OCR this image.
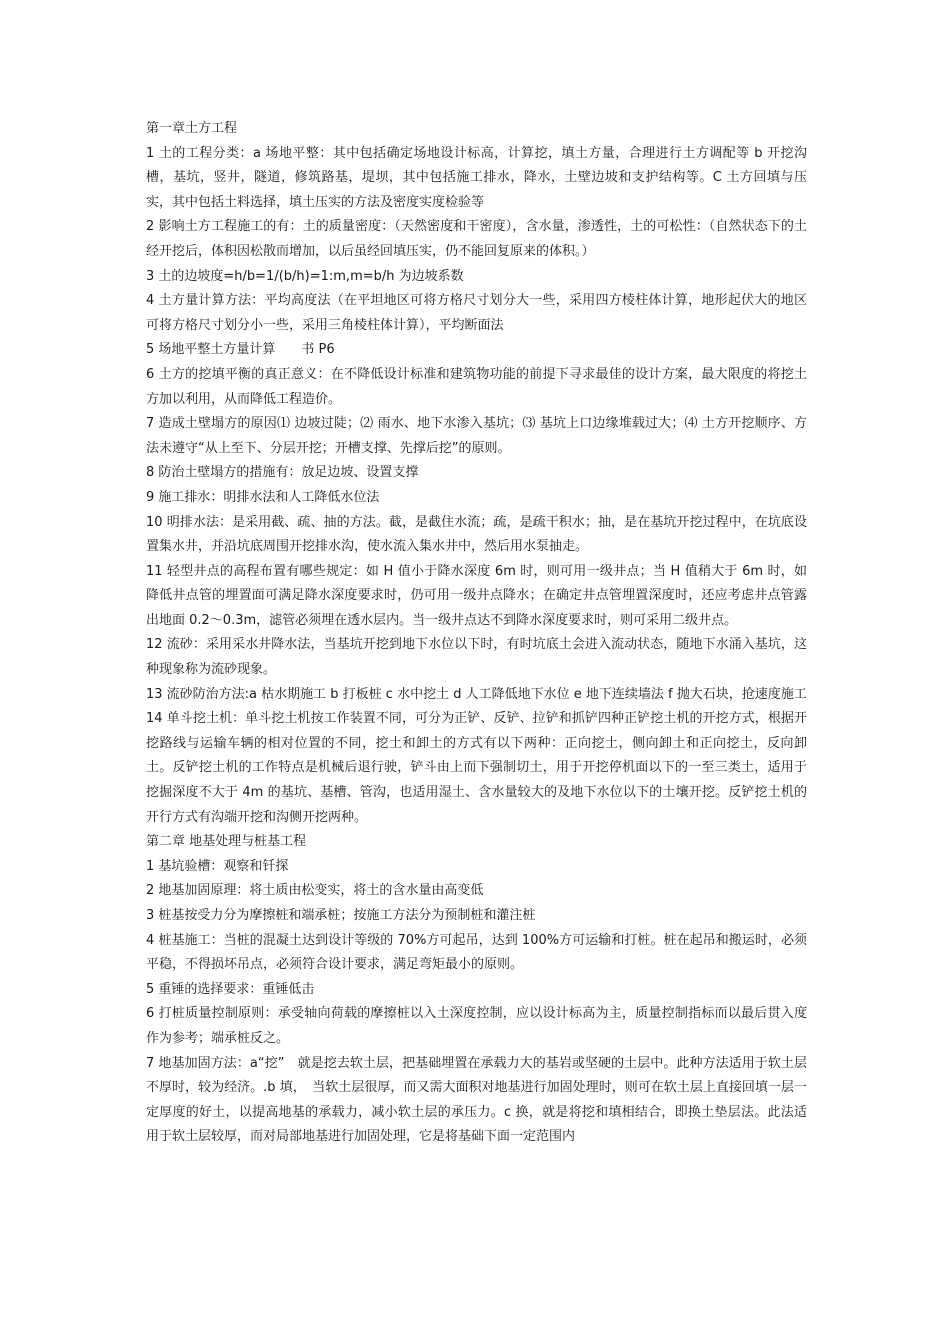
第一章土方工程

1 土的工程分类：a 场地平整：其中包括确定场地设计标高，计算挖，填土方量，合理进行土方调配等 b 开挖沟槽，基坑，竖井，隧道，修筑路基，堤坝，其中包括施工排水，降水，土壁边坡和支护结构等。C 土方回填与压实，其中包括土料选择，填土压实的方法及密度实度检验等

2 影响土方工程施工的有：土的质量密度：（天然密度和干密度），含水量，渗透性，土的可松性：（自然状态下的土经开挖后，体积因松散而增加，以后虽经回填压实，仍不能回复原来的体积。）

3 土的边坡度=h/b=1/(b/h)=1:m,m=b/h 为边坡系数

4 土方量计算方法：平均高度法（在平坦地区可将方格尺寸划分大一些，采用四方棱柱体计算，地形起伏大的地区可将方格尺寸划分小一些，采用三角棱柱体计算），平均断面法

5 场地平整土方量计算　　书 P6

6 土方的挖填平衡的真正意义：在不降低设计标准和建筑物功能的前提下寻求最佳的设计方案，最大限度的将挖土方加以利用，从而降低工程造价。

7 造成土壁塌方的原因⑴ 边坡过陡；⑵ 雨水、地下水渗入基坑；⑶ 基坑上口边缘堆载过大；⑷ 土方开挖顺序、方法未遵守“从上至下、分层开挖；开槽支撑、先撑后挖”的原则。

8 防治土壁塌方的措施有：放足边坡、设置支撑

9 施工排水：明排水法和人工降低水位法

10 明排水法：是采用截、疏、抽的方法。截，是截住水流；疏，是疏干积水；抽，是在基坑开挖过程中，在坑底设置集水井，并沿坑底周围开挖排水沟，使水流入集水井中，然后用水泵抽走。

11 轻型井点的高程布置有哪些规定：如 H 值小于降水深度 6m 时，则可用一级井点；当 H 值稍大于 6m 时，如降低井点管的埋置面可满足降水深度要求时，仍可用一级井点降水；在确定井点管埋置深度时，还应考虑井点管露出地面 0.2～0.3m，滤管必须埋在透水层内。当一级井点达不到降水深度要求时，则可采用二级井点。

12 流砂：采用采水井降水法，当基坑开挖到地下水位以下时，有时坑底土会进入流动状态，随地下水涌入基坑，这种现象称为流砂现象。

13 流砂防治方法:a 枯水期施工 b 打板桩 c 水中挖土 d 人工降低地下水位 e 地下连续墙法 f 抛大石块，抢速度施工

14 单斗挖土机：单斗挖土机按工作装置不同，可分为正铲、反铲、拉铲和抓铲四种正铲挖土机的开挖方式，根据开挖路线与运输车辆的相对位置的不同，挖土和卸土的方式有以下两种：正向挖土，侧向卸土和正向挖土，反向卸土。反铲挖土机的工作特点是机械后退行驶，铲斗由上而下强制切土，用于开挖停机面以下的一至三类土，适用于挖掘深度不大于 4m 的基坑、基槽、管沟，也适用湿土、含水量较大的及地下水位以下的土壤开挖。反铲挖土机的开行方式有沟端开挖和沟侧开挖两种。

第二章 地基处理与桩基工程

1 基坑验槽：观察和钎探

2 地基加固原理：将土质由松变实，将土的含水量由高变低

3 桩基按受力分为摩擦桩和端承桩；按施工方法分为预制桩和灌注桩

4 桩基施工：当桩的混凝土达到设计等级的 70%方可起吊，达到 100%方可运输和打桩。桩在起吊和搬运时，必须平稳，不得损坏吊点，必须符合设计要求，满足弯矩最小的原则。

5 重锤的选择要求：重锤低击

6 打桩质量控制原则：承受轴向荷载的摩擦桩以入土深度控制，应以设计标高为主，质量控制指标而以最后贯入度作为参考；端承桩反之。

7 地基加固方法：a“挖”　就是挖去软土层，把基础埋置在承载力大的基岩或坚硬的土层中。此种方法适用于软土层不厚时，较为经济。.b 填，　当软土层很厚，而又需大面积对地基进行加固处理时，则可在软土层上直接回填一层一定厚度的好土，以提高地基的承载力，减小软土层的承压力。c 换，就是将挖和填相结合，即换土垫层法。此法适用于软土层较厚，而对局部地基进行加固处理，它是将基础下面一定范围内
